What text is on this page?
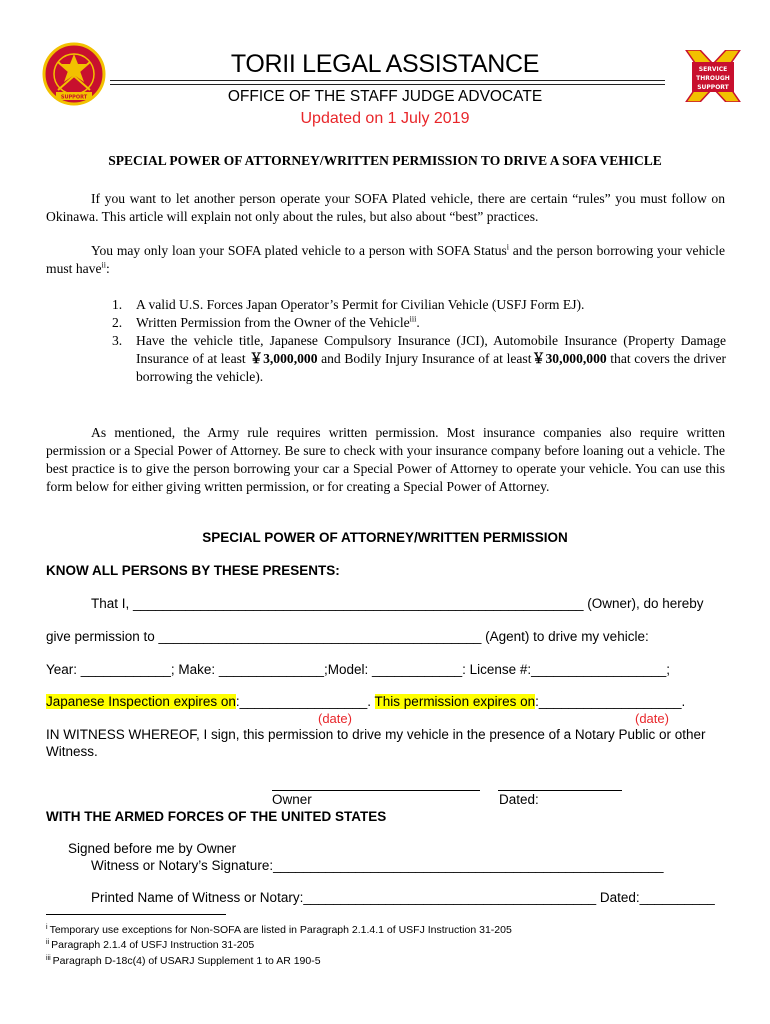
SUPPORT
SERVICE
THROUGH
SUPPORT
TORII LEGAL ASSISTANCE
OFFICE OF THE STAFF JUDGE ADVOCATE
Updated on 1 July 2019
SPECIAL POWER OF ATTORNEY/WRITTEN PERMISSION TO DRIVE A SOFA VEHICLE
If you want to let another person operate your SOFA Plated vehicle, there are certain “rules” you must follow on Okinawa. This article will explain not only about the rules, but also about “best” practices.
You may only loan your SOFA plated vehicle to a person with SOFA Status$^i$ and the person borrowing your vehicle must have$^{ii}$:
1.	A valid U.S. Forces Japan Operator’s Permit for Civilian Vehicle (USFJ Form EJ).
2.	Written Permission from the Owner of the Vehicle$^{iii}$.
3.	Have the vehicle title, Japanese Compulsory Insurance (JCI), Automobile Insurance (Property Damage Insurance of at least ￥3,000,000 and Bodily Injury Insurance of at least￥30,000,000 that covers the driver borrowing the vehicle).
As mentioned, the Army rule requires written permission. Most insurance companies also require written permission or a Special Power of Attorney. Be sure to check with your insurance company before loaning out a vehicle. The best practice is to give the person borrowing your car a Special Power of Attorney to operate your vehicle. You can use this form below for either giving written permission, or for creating a Special Power of Attorney.
SPECIAL POWER OF ATTORNEY/WRITTEN PERMISSION
KNOW ALL PERSONS BY THESE PRESENTS:
That I, ____________________________________________________________ (Owner), do hereby
give permission to ___________________________________________ (Agent) to drive my vehicle:
Year: ____________; Make: ______________;Model: ____________: License #:__________________;
Japanese Inspection expires on:_________________. This permission expires on:___________________.
(date)	(date)
IN WITNESS WHEREOF, I sign, this permission to drive my vehicle in the presence of a Notary Public or other Witness.
Owner	Dated:
WITH THE ARMED FORCES OF THE UNITED STATES
Signed before me by Owner
Witness or Notary’s Signature:____________________________________________________
Printed Name of Witness or Notary:_______________________________________ Dated:__________
$^i$ Temporary use exceptions for Non-SOFA are listed in Paragraph 2.1.4.1 of USFJ Instruction 31-205
$^{ii}$ Paragraph 2.1.4 of USFJ Instruction 31-205
$^{iii}$ Paragraph D-18c(4) of USARJ Supplement 1 to AR 190-5
